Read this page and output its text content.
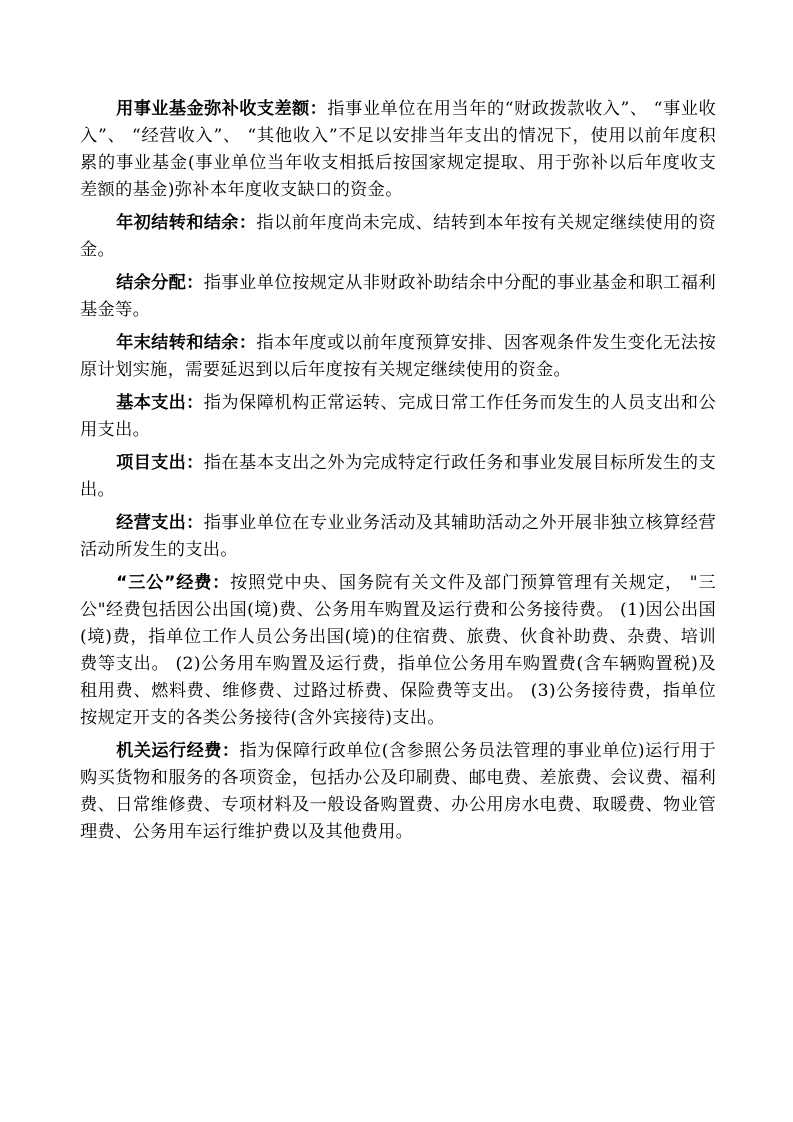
用事业基金弥补收支差额：指事业单位在用当年的“财政拨款收入”、 “事业收入”、 “经营收入”、 “其他收入”不足以安排当年支出的情况下，使用以前年度积累的事业基金(事业单位当年收支相抵后按国家规定提取、用于弥补以后年度收支差额的基金)弥补本年度收支缺口的资金。

年初结转和结余：指以前年度尚未完成、结转到本年按有关规定继续使用的资金。

结余分配：指事业单位按规定从非财政补助结余中分配的事业基金和职工福利基金等。

年末结转和结余：指本年度或以前年度预算安排、因客观条件发生变化无法按原计划实施，需要延迟到以后年度按有关规定继续使用的资金。

基本支出：指为保障机构正常运转、完成日常工作任务而发生的人员支出和公用支出。

项目支出：指在基本支出之外为完成特定行政任务和事业发展目标所发生的支出。

经营支出：指事业单位在专业业务活动及其辅助活动之外开展非独立核算经营活动所发生的支出。

“三公”经费：按照党中央、国务院有关文件及部门预算管理有关规定， "三公"经费包括因公出国(境)费、公务用车购置及运行费和公务接待费。 (1)因公出国(境)费，指单位工作人员公务出国(境)的住宿费、旅费、伙食补助费、杂费、培训费等支出。 (2)公务用车购置及运行费，指单位公务用车购置费(含车辆购置税)及租用费、燃料费、维修费、过路过桥费、保险费等支出。 (3)公务接待费，指单位按规定开支的各类公务接待(含外宾接待)支出。

机关运行经费：指为保障行政单位(含参照公务员法管理的事业单位)运行用于购买货物和服务的各项资金，包括办公及印刷费、邮电费、差旅费、会议费、福利费、日常维修费、专项材料及一般设备购置费、办公用房水电费、取暖费、物业管理费、公务用车运行维护费以及其他费用。
